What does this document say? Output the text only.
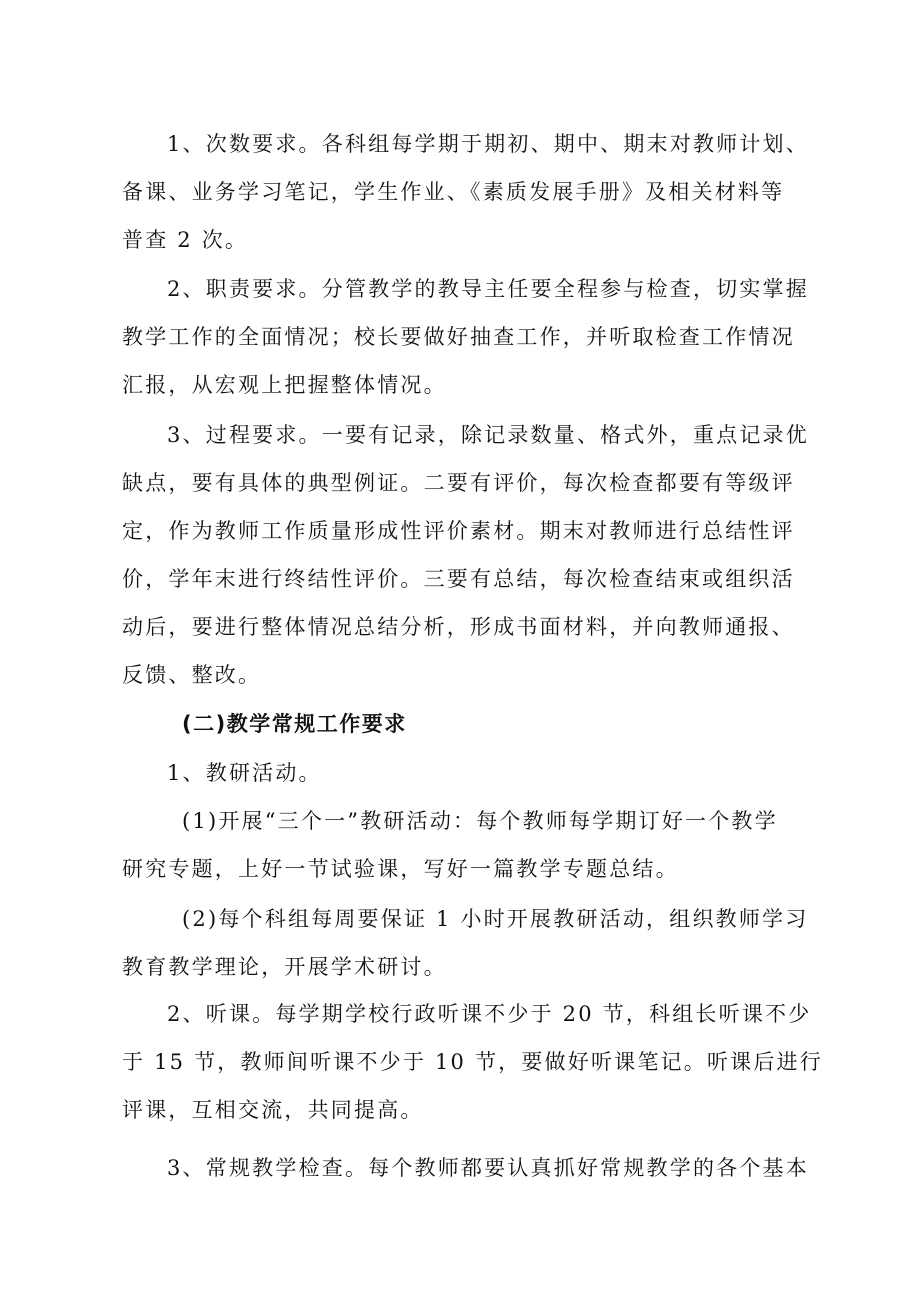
1、次数要求。各科组每学期于期初、期中、期末对教师计划、
备课、业务学习笔记，学生作业、《素质发展手册》及相关材料等
普查 2 次。
2、职责要求。分管教学的教导主任要全程参与检查，切实掌握
教学工作的全面情况；校长要做好抽查工作，并听取检查工作情况
汇报，从宏观上把握整体情况。
3、过程要求。一要有记录，除记录数量、格式外，重点记录优
缺点，要有具体的典型例证。二要有评价，每次检查都要有等级评
定，作为教师工作质量形成性评价素材。期末对教师进行总结性评
价，学年末进行终结性评价。三要有总结，每次检查结束或组织活
动后，要进行整体情况总结分析，形成书面材料，并向教师通报、
反馈、整改。
(二)教学常规工作要求
1、教研活动。
(1)开展“三个一”教研活动：每个教师每学期订好一个教学
研究专题，上好一节试验课，写好一篇教学专题总结。
(2)每个科组每周要保证 1 小时开展教研活动，组织教师学习
教育教学理论，开展学术研讨。
2、听课。每学期学校行政听课不少于 20 节，科组长听课不少
于 15 节，教师间听课不少于 10 节，要做好听课笔记。听课后进行
评课，互相交流，共同提高。
3、常规教学检查。每个教师都要认真抓好常规教学的各个基本
